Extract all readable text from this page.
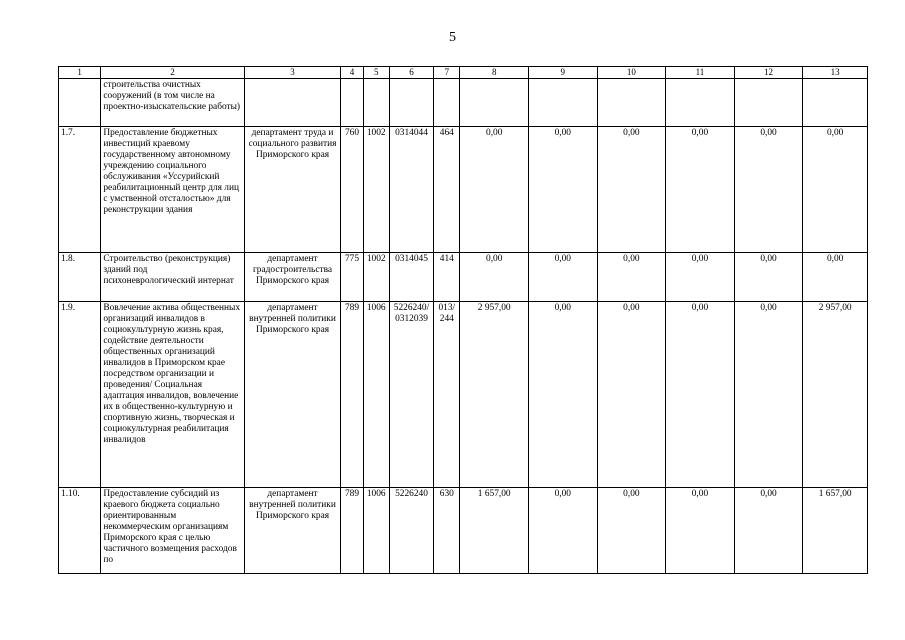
5
1	2	3	4	5	6	7	8	9	10	11	12	13
	строительства очистных сооружений (в том числе на проектно-изыскательские работы)											
1.7.	Предоставление бюджетных инвестиций краевому государственному автономному учреждению социального обслуживания «Уссурийский реабилитационный центр для лиц с умственной отсталостью» для реконструкции здания	департамент труда и социального развития Приморского края	760	1002	0314044	464	0,00	0,00	0,00	0,00	0,00	0,00
1.8.	Строительство (реконструкция) зданий под психоневрологический интернат	департамент градостроительства Приморского края	775	1002	0314045	414	0,00	0,00	0,00	0,00	0,00	0,00
1.9.	Вовлечение актива общественных организаций инвалидов в социокультурную жизнь края, содействие деятельности общественных организаций инвалидов в Приморском крае посредством организации и проведения/ Социальная адаптация инвалидов, вовлечение их в общественно-культурную и спортивную жизнь, творческая и социокультурная реабилитация инвалидов	департамент внутренней политики Приморского края	789	1006	5226240/ 0312039	013/ 244	2 957,00	0,00	0,00	0,00	0,00	2 957,00
1.10.	Предоставление субсидий из краевого бюджета социально ориентированным некоммерческим организациям Приморского края с целью частичного возмещения расходов по	департамент внутренней политики Приморского края	789	1006	5226240	630	1 657,00	0,00	0,00	0,00	0,00	1 657,00
